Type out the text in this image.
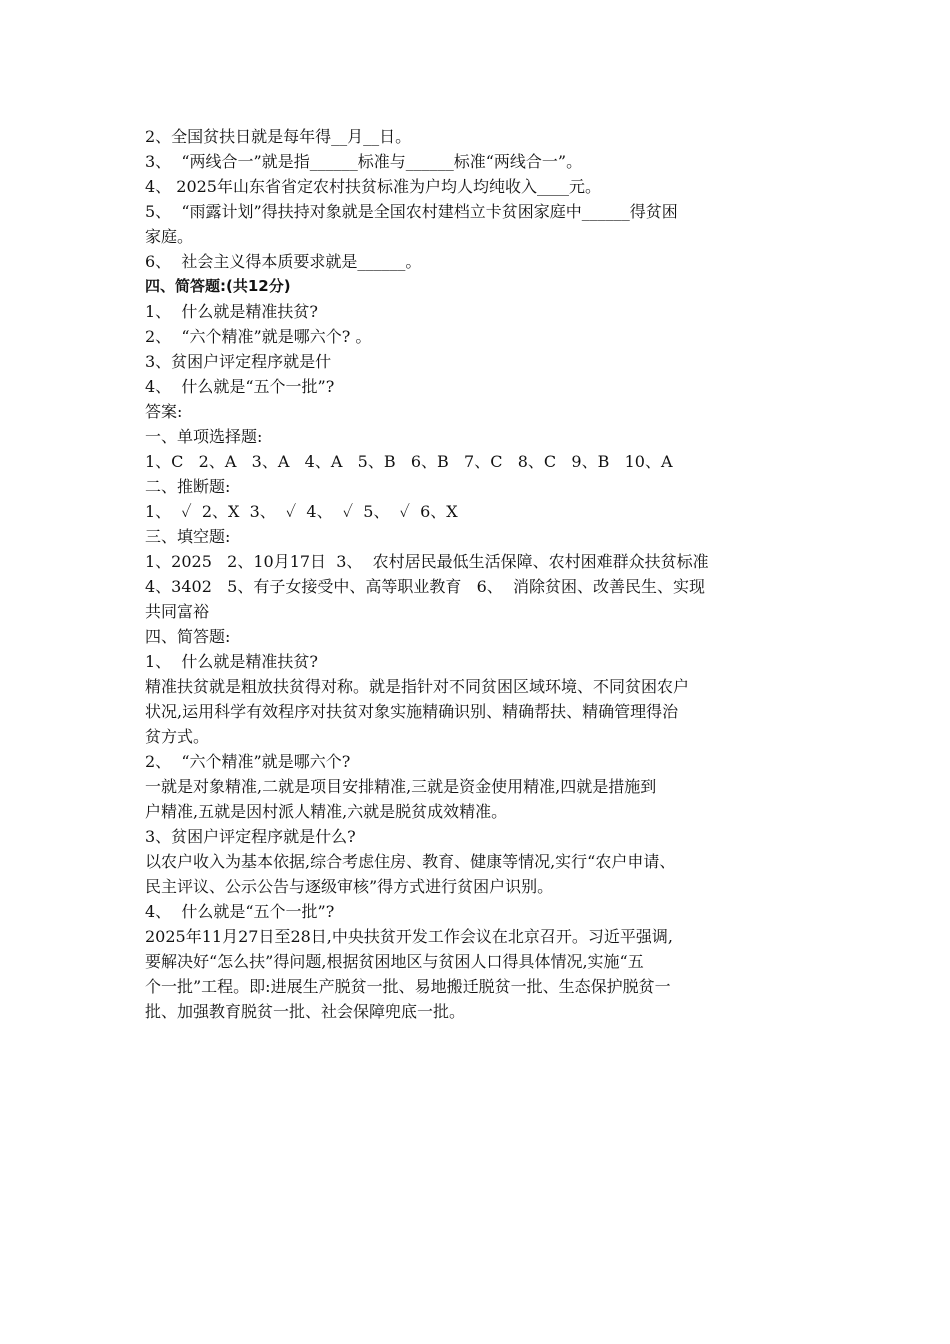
2、全国贫扶日就是每年得__月__日。
3、  “两线合一”就是指______标准与______标准“两线合一”。
4、 2025年山东省省定农村扶贫标准为户均人均纯收入____元。
5、  “雨露计划”得扶持对象就是全国农村建档立卡贫困家庭中______得贫困
家庭。
6、  社会主义得本质要求就是______。
四、简答题:(共12分)
1、  什么就是精准扶贫?
2、  “六个精准”就是哪六个? 。
3、贫困户评定程序就是什
4、  什么就是“五个一批”?
答案:
一、单项选择题:
1、C   2、A   3、A   4、A   5、B   6、B   7、C   8、C   9、B   10、A
二、推断题:
1、  ✓  2、X  3、  ✓  4、  ✓  5、  ✓  6、X
三、填空题:
1、2025   2、10月17日  3、  农村居民最低生活保障、农村困难群众扶贫标准
4、3402   5、有子女接受中、高等职业教育   6、  消除贫困、改善民生、实现
共同富裕
四、简答题:
1、  什么就是精准扶贫?
精准扶贫就是粗放扶贫得对称。就是指针对不同贫困区域环境、不同贫困农户
状况,运用科学有效程序对扶贫对象实施精确识别、精确帮扶、精确管理得治
贫方式。
2、  “六个精准”就是哪六个?
一就是对象精准,二就是项目安排精准,三就是资金使用精准,四就是措施到
户精准,五就是因村派人精准,六就是脱贫成效精准。
3、贫困户评定程序就是什么?
以农户收入为基本依据,综合考虑住房、教育、健康等情况,实行“农户申请、
民主评议、公示公告与逐级审核”得方式进行贫困户识别。
4、  什么就是“五个一批”?
2025年11月27日至28日,中央扶贫开发工作会议在北京召开。习近平强调,
要解决好“怎么扶”得问题,根据贫困地区与贫困人口得具体情况,实施“五
个一批”工程。即:进展生产脱贫一批、易地搬迁脱贫一批、生态保护脱贫一
批、加强教育脱贫一批、社会保障兜底一批。
